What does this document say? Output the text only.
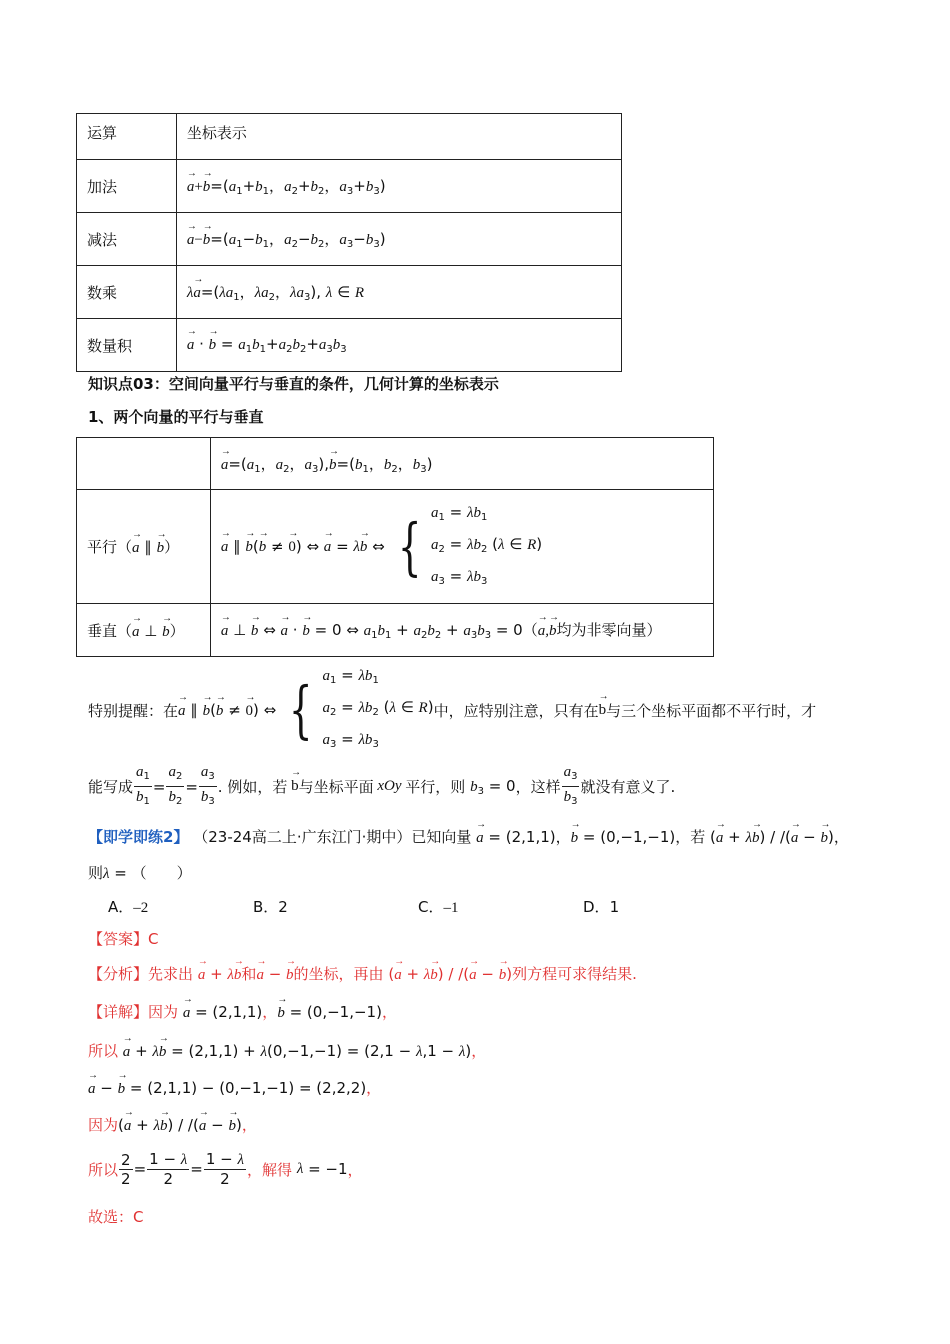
运算	坐标表示
加法	→ $a+\to b=(a_1+b_1$，$a_2+b_2$，$a_3+b_3$)
减法	→ $a-\to b=(a_1-b_1$，$a_2-b_2$，$a_3-b_3$)
数乘	$\lambda\to a=(\lambda a_1$，$\lambda a_2$，$\lambda a_3$), λ ∈ R
数量积	→ a · → $b = a_1b_1+a_2b_2+a_3b_3$
知识点03：空间向量平行与垂直的条件，几何计算的坐标表示
1、两个向量的平行与垂直
	→ $a=(a_1$，$a_2$，$a_3),\to b=(b_1$，$b_2$，$b_3$)
平行（→ a ∥ → b）	→ a ∥ → b(→ b ≠ → 0) ⇔ → a = λ→ b ⇔ { $a_1 = \lambda b_1$
$a_2 = \lambda b_2$ (λ ∈ R)
$a_3 = \lambda b_3$

垂直（→ a ⊥ → b）	→ a ⊥ → b ⇔ → a · → b = 0 ⇔ $a_1b_1 + a_2b_2 + a_3b_3 = 0(\to a,\to b$均为非零向量）
特别提醒：在 → a ∥ → b(→ b ≠ → 0) ⇔ { $a_1 = \lambda b_1$
$a_2 = \lambda b_2$ (λ ∈ R)
$a_3 = \lambda b_3$
中，应特别注意，只有在 → b 与三个坐标平面都不平行时，才
能写成 $\frac{a_1}{b_1} = \frac{a_2}{b_2} = \frac{a_3}{b_3}$ . 例如，若 → b 与坐标平面 xOy 平行，则 $b_3 = 0$ ，这样 $\frac{a_3}{b_3}$ 就没有意义了.
【即学即练2】 （23-24高二上·广东江门·期中）已知向量 → a = (2,1,1)，→ b = (0,−1,−1)，若 (→ a + λ→ b) / /(→ a − → b)，
则λ = （　　）
A．–2	B．2	C．–1	D．1
【答案】C
【分析】先求出 → a + λ→ b和→ a − → b的坐标，再由 (→ a + λ→ b) / /(→ a − → b)列方程可求得结果.
【详解】因为 → a = (2,1,1)，→ b = (0,−1,−1)，
所以 → a + λ→ b = (2,1,1) + λ(0,−1,−1) = (2,1 − λ,1 − λ)，
→ a − → b = (2,1,1) − (0,−1,−1) = (2,2,2)，
因为(→ a + λ→ b) / /(→ a − → b)，
所以 $\frac{2}{2} = \frac{1 - \lambda}{2} = \frac{1 - \lambda}{2}$ ，解得
λ = −1 ，
故选：C
